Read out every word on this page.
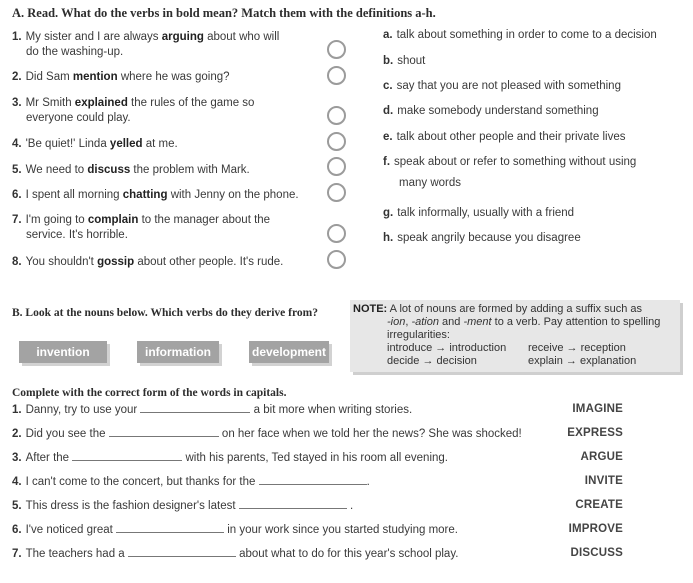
A. Read. What do the verbs in bold mean? Match them with the definitions a-h.
1. My sister and I are always arguing about who will
do the washing-up.
2. Did Sam mention where he was going?
3. Mr Smith explained the rules of the game so
everyone could play.
4. 'Be quiet!' Linda yelled at me.
5. We need to discuss the problem with Mark.
6. I spent all morning chatting with Jenny on the phone.
7. I'm going to complain to the manager about the
service. It's horrible.
8. You shouldn't gossip about other people. It's rude.
a. talk about something in order to come to a decision
b. shout
c. say that you are not pleased with something
d. make somebody understand something
e. talk about other people and their private lives
f. speak about or refer to something without using
many words
g. talk informally, usually with a friend
h. speak angrily because you disagree
B. Look at the nouns below. Which verbs do they derive from?
invention	information	development
NOTE: A lot of nouns are formed by adding a suffix such as
-ion, -ation and -ment to a verb. Pay attention to spelling
irregularities:
introduce → introduction receive → reception
decide → decision	explain → explanation
Complete with the correct form of the words in capitals.
1. Danny, try to use your	a bit more when writing stories.	IMAGINE
2. Did you see the	on her face when we told her the news? She was shocked!	EXPRESS
3. After the	with his parents, Ted stayed in his room all evening.	ARGUE
4. I can't come to the concert, but thanks for the	.	INVITE
5. This dress is the fashion designer's latest	.	CREATE
6. I've noticed great	in your work since you started studying more.	IMPROVE
7. The teachers had a	about what to do for this year's school play.	DISCUSS
